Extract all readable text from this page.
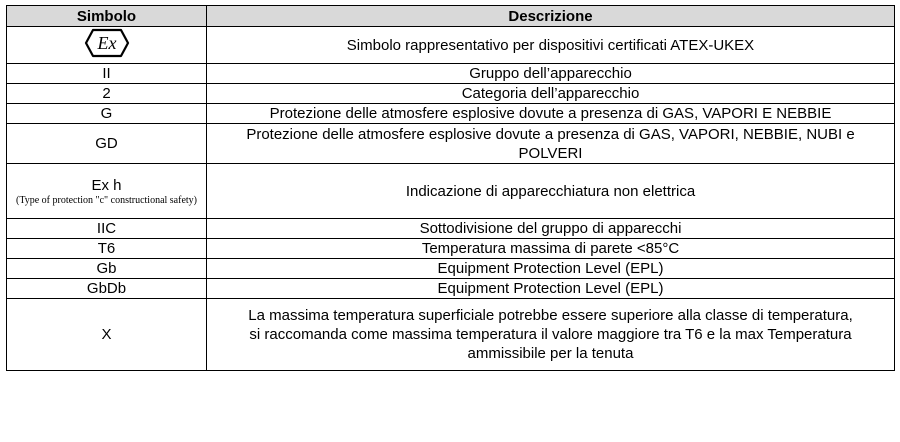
Simbolo	Descrizione

Ex	Simbolo rappresentativo per dispositivi certificati ATEX-UKEX
II	Gruppo dell’apparecchio
2	Categoria dell’apparecchio
G	Protezione delle atmosfere esplosive dovute a presenza di GAS, VAPORI E NEBBIE
GD	Protezione delle atmosfere esplosive dovute a presenza di GAS, VAPORI, NEBBIE, NUBI e POLVERI
Ex h
(Type of protection "c" constructional safety)	Indicazione di apparecchiatura non elettrica
IIC	Sottodivisione del gruppo di apparecchi
T6	Temperatura massima di parete <85°C
Gb	Equipment Protection Level (EPL)
GbDb	Equipment Protection Level (EPL)
X	La massima temperatura superficiale potrebbe essere superiore alla classe di temperatura, si raccomanda come massima temperatura il valore maggiore tra T6 e la max Temperatura ammissibile per la tenuta
